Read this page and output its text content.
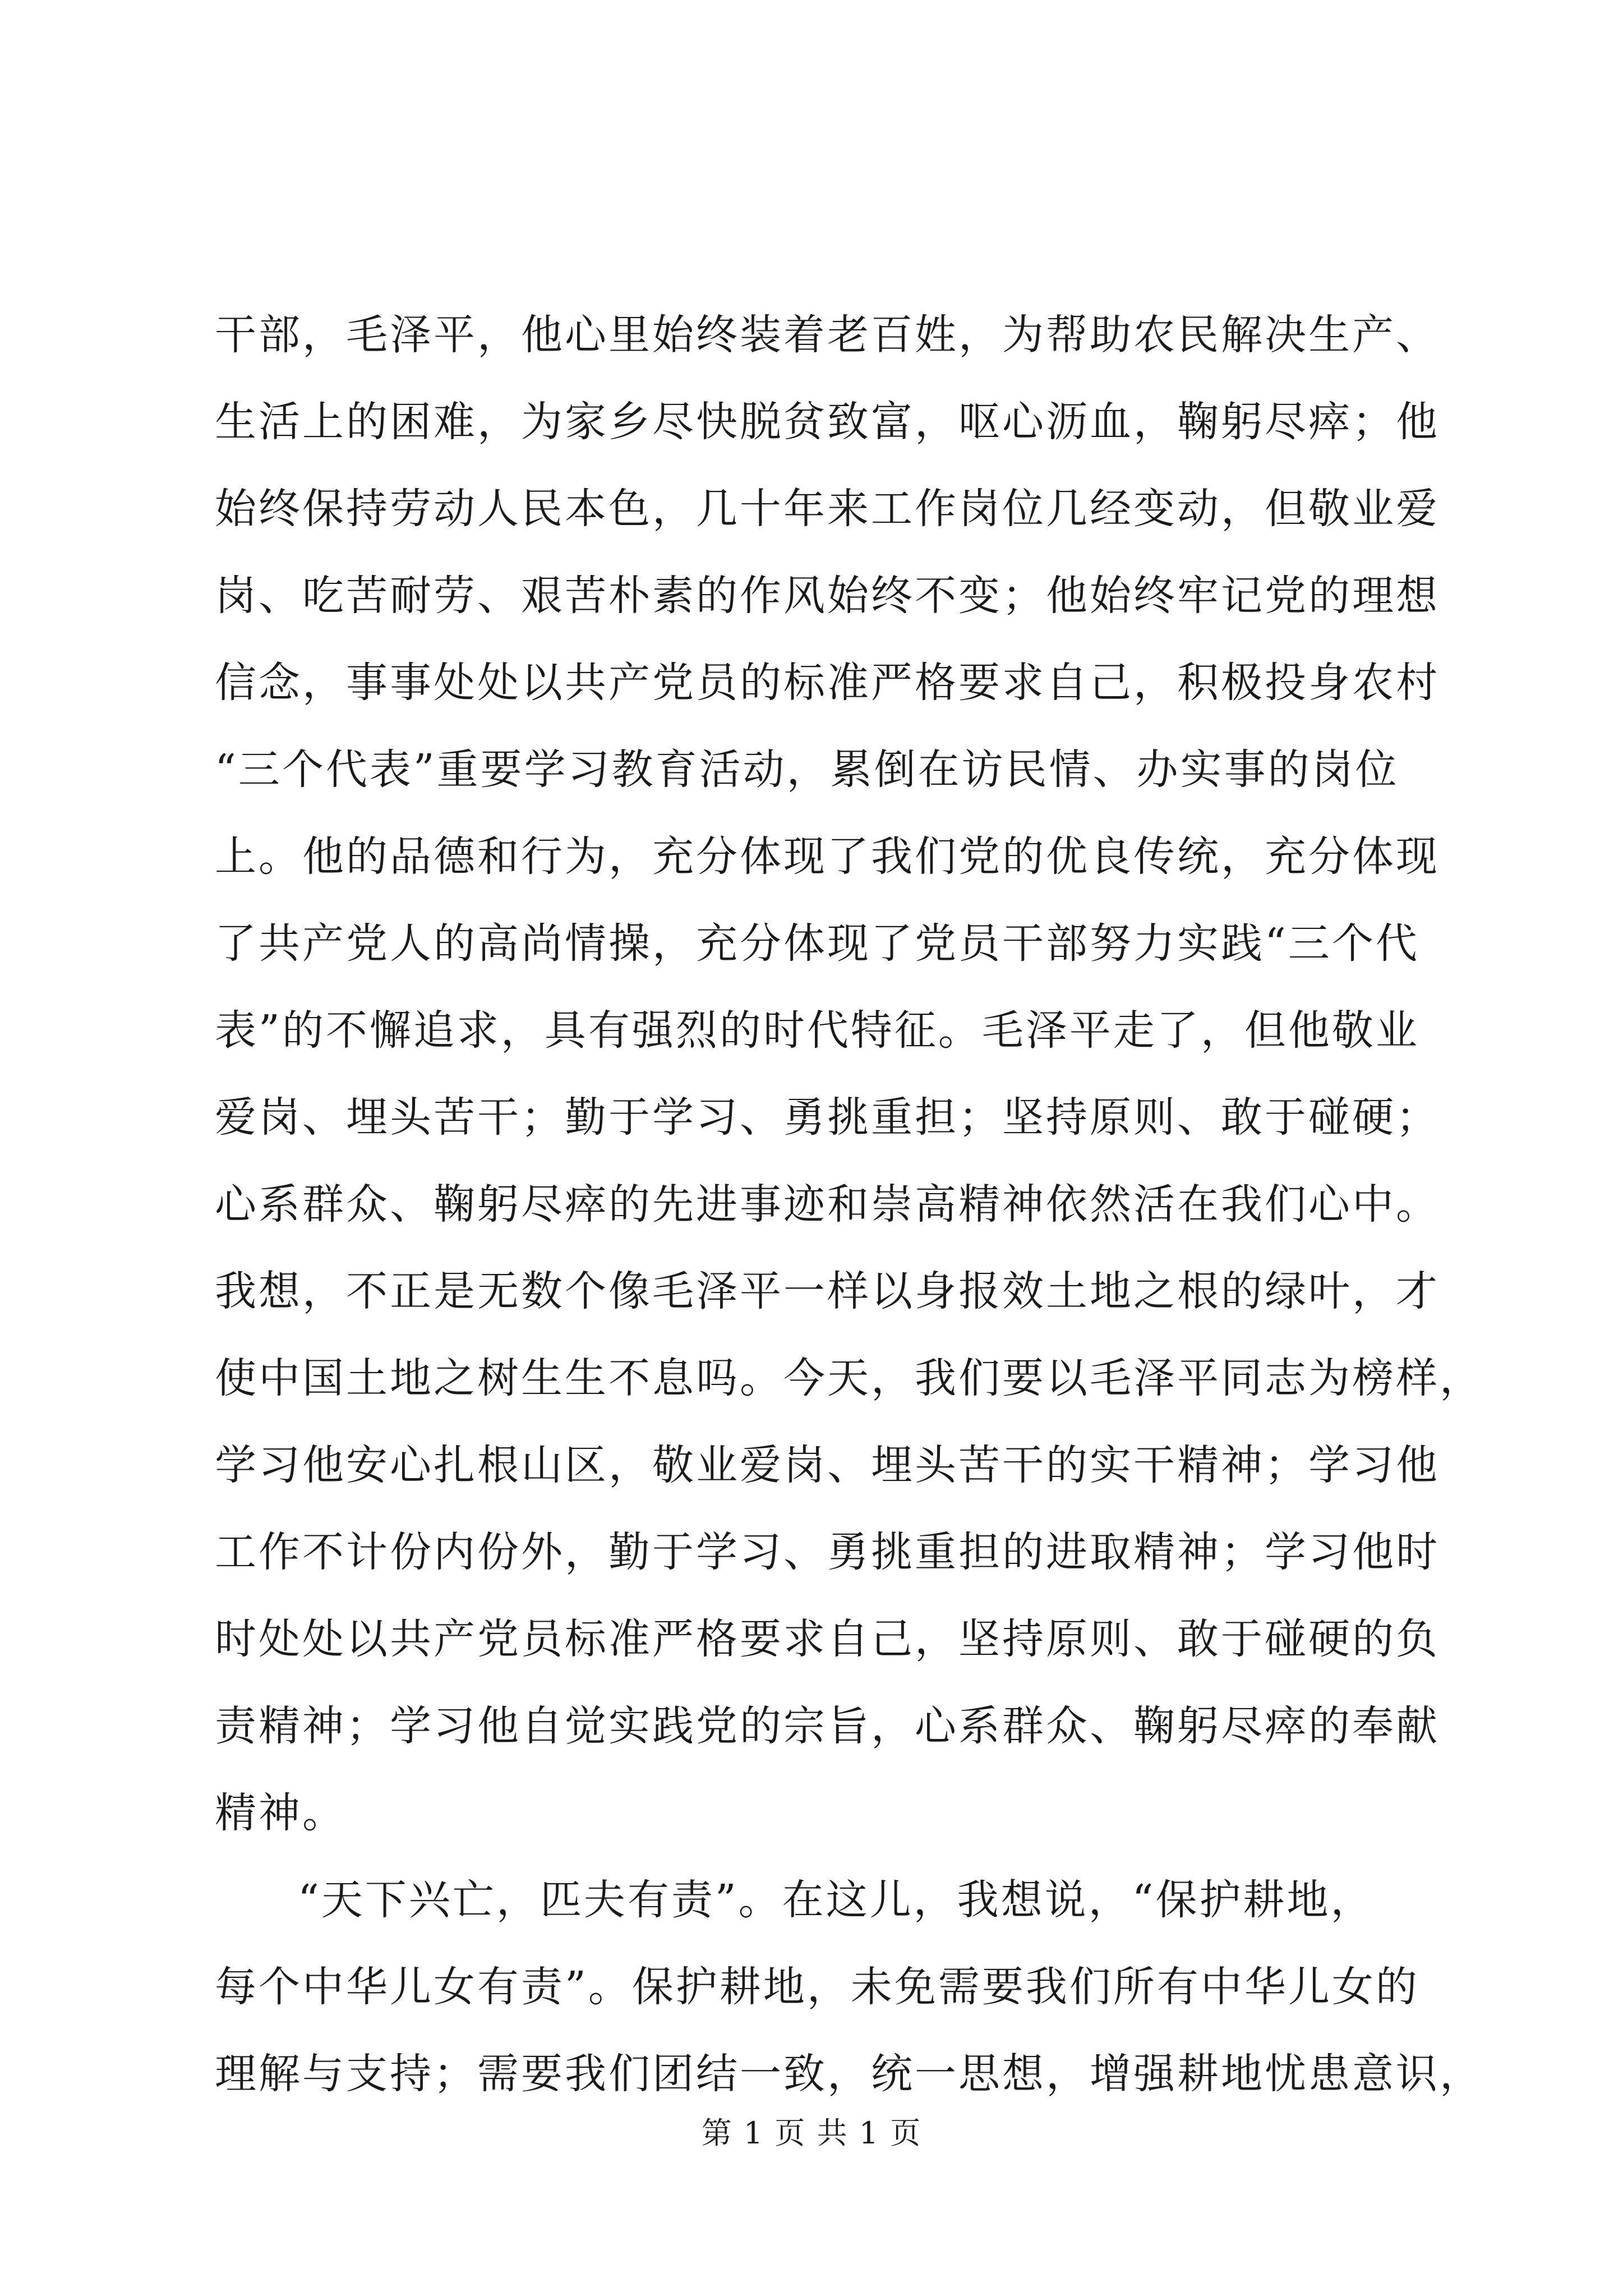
干部，毛泽平，他心里始终装着老百姓，为帮助农民解决生产、
生活上的困难，为家乡尽快脱贫致富，呕心沥血，鞠躬尽瘁；他
始终保持劳动人民本色，几十年来工作岗位几经变动，但敬业爱
岗、吃苦耐劳、艰苦朴素的作风始终不变；他始终牢记党的理想
信念，事事处处以共产党员的标准严格要求自己，积极投身农村
“三个代表”重要学习教育活动，累倒在访民情、办实事的岗位
上。他的品德和行为，充分体现了我们党的优良传统，充分体现
了共产党人的高尚情操，充分体现了党员干部努力实践“三个代
表”的不懈追求，具有强烈的时代特征。毛泽平走了，但他敬业
爱岗、埋头苦干；勤于学习、勇挑重担；坚持原则、敢于碰硬；
心系群众、鞠躬尽瘁的先进事迹和崇高精神依然活在我们心中。
我想，不正是无数个像毛泽平一样以身报效土地之根的绿叶，才
使中国土地之树生生不息吗。今天，我们要以毛泽平同志为榜样，
学习他安心扎根山区，敬业爱岗、埋头苦干的实干精神；学习他
工作不计份内份外，勤于学习、勇挑重担的进取精神；学习他时
时处处以共产党员标准严格要求自己，坚持原则、敢于碰硬的负
责精神；学习他自觉实践党的宗旨，心系群众、鞠躬尽瘁的奉献
精神。
“天下兴亡，匹夫有责”。在这儿，我想说，“保护耕地，
每个中华儿女有责”。保护耕地，未免需要我们所有中华儿女的
理解与支持；需要我们团结一致，统一思想，增强耕地忧患意识，
第 1 页 共 1 页
